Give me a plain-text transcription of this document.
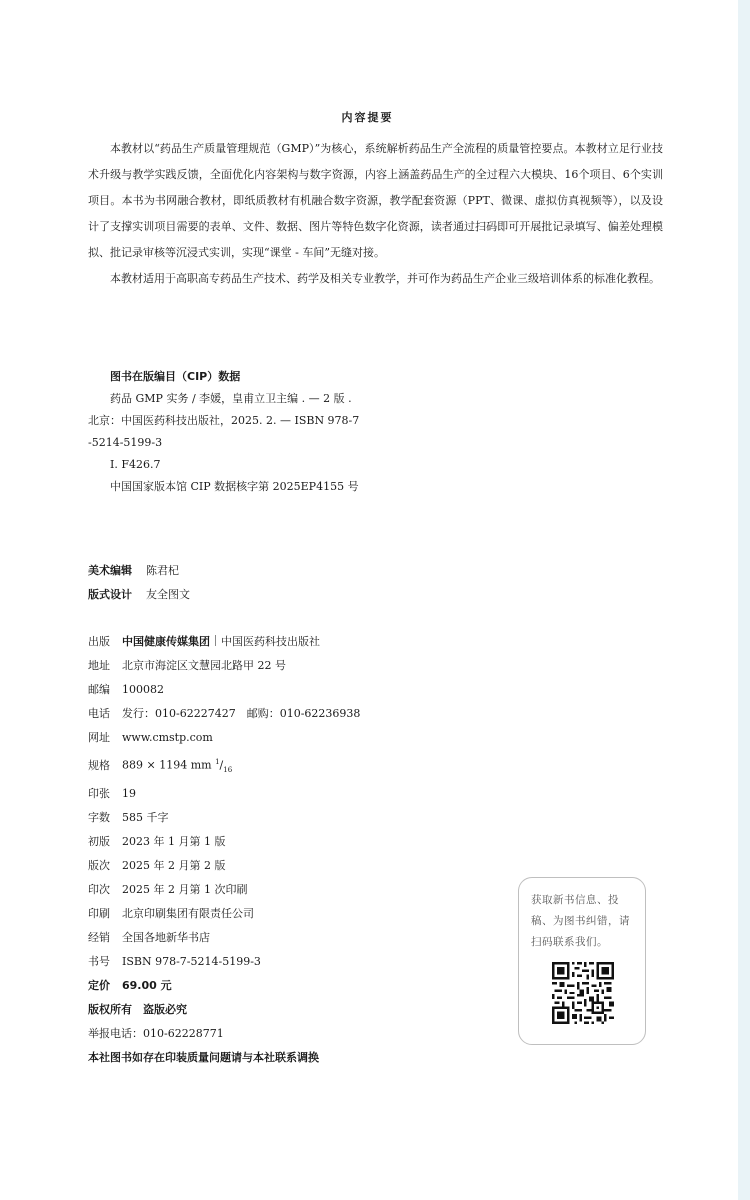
内容提要

本教材以“药品生产质量管理规范（GMP）”为核心，系统解析药品生产全流程的质量管控要点。本教材立足行业技术升级与教学实践反馈，全面优化内容架构与数字资源，内容上涵盖药品生产的全过程六大模块、16个项目、6个实训项目。本书为书网融合教材，即纸质教材有机融合数字资源，教学配套资源（PPT、微课、虚拟仿真视频等），以及设计了支撑实训项目需要的表单、文件、数据、图片等特色数字化资源，读者通过扫码即可开展批记录填写、偏差处理模拟、批记录审核等沉浸式实训，实现“课堂 - 车间”无缝对接。

本教材适用于高职高专药品生产技术、药学及相关专业教学，并可作为药品生产企业三级培训体系的标准化教程。

图书在版编目（CIP）数据
药品 GMP 实务 / 李媛，皇甫立卫主编 . — 2 版 .
北京：中国医药科技出版社，2025. 2. — ISBN 978-7
-5214-5199-3
Ⅰ. F426.7
中国国家版本馆 CIP 数据核字第 2025EP4155 号
美术编辑 陈君杞
版式设计 友全图文
出版 中国健康传媒集团 中国医药科技出版社
地址 北京市海淀区文慧园北路甲 22 号
邮编 100082
电话 发行：010-62227427　邮购：010-62236938
网址 www.cmstp.com
规格 889 × 1194 mm $^1/_{16}$
印张 19
字数 585 千字
初版 2023 年 1 月第 1 版
版次 2025 年 2 月第 2 版
印次 2025 年 2 月第 1 次印刷
印刷 北京印刷集团有限责任公司
经销 全国各地新华书店
书号 ISBN 978-7-5214-5199-3
定价 69.00 元
版权所有　盗版必究
举报电话：010-62228771
本社图书如存在印装质量问题请与本社联系调换
获取新书信息、投稿、为图书纠错，请扫码联系我们。
